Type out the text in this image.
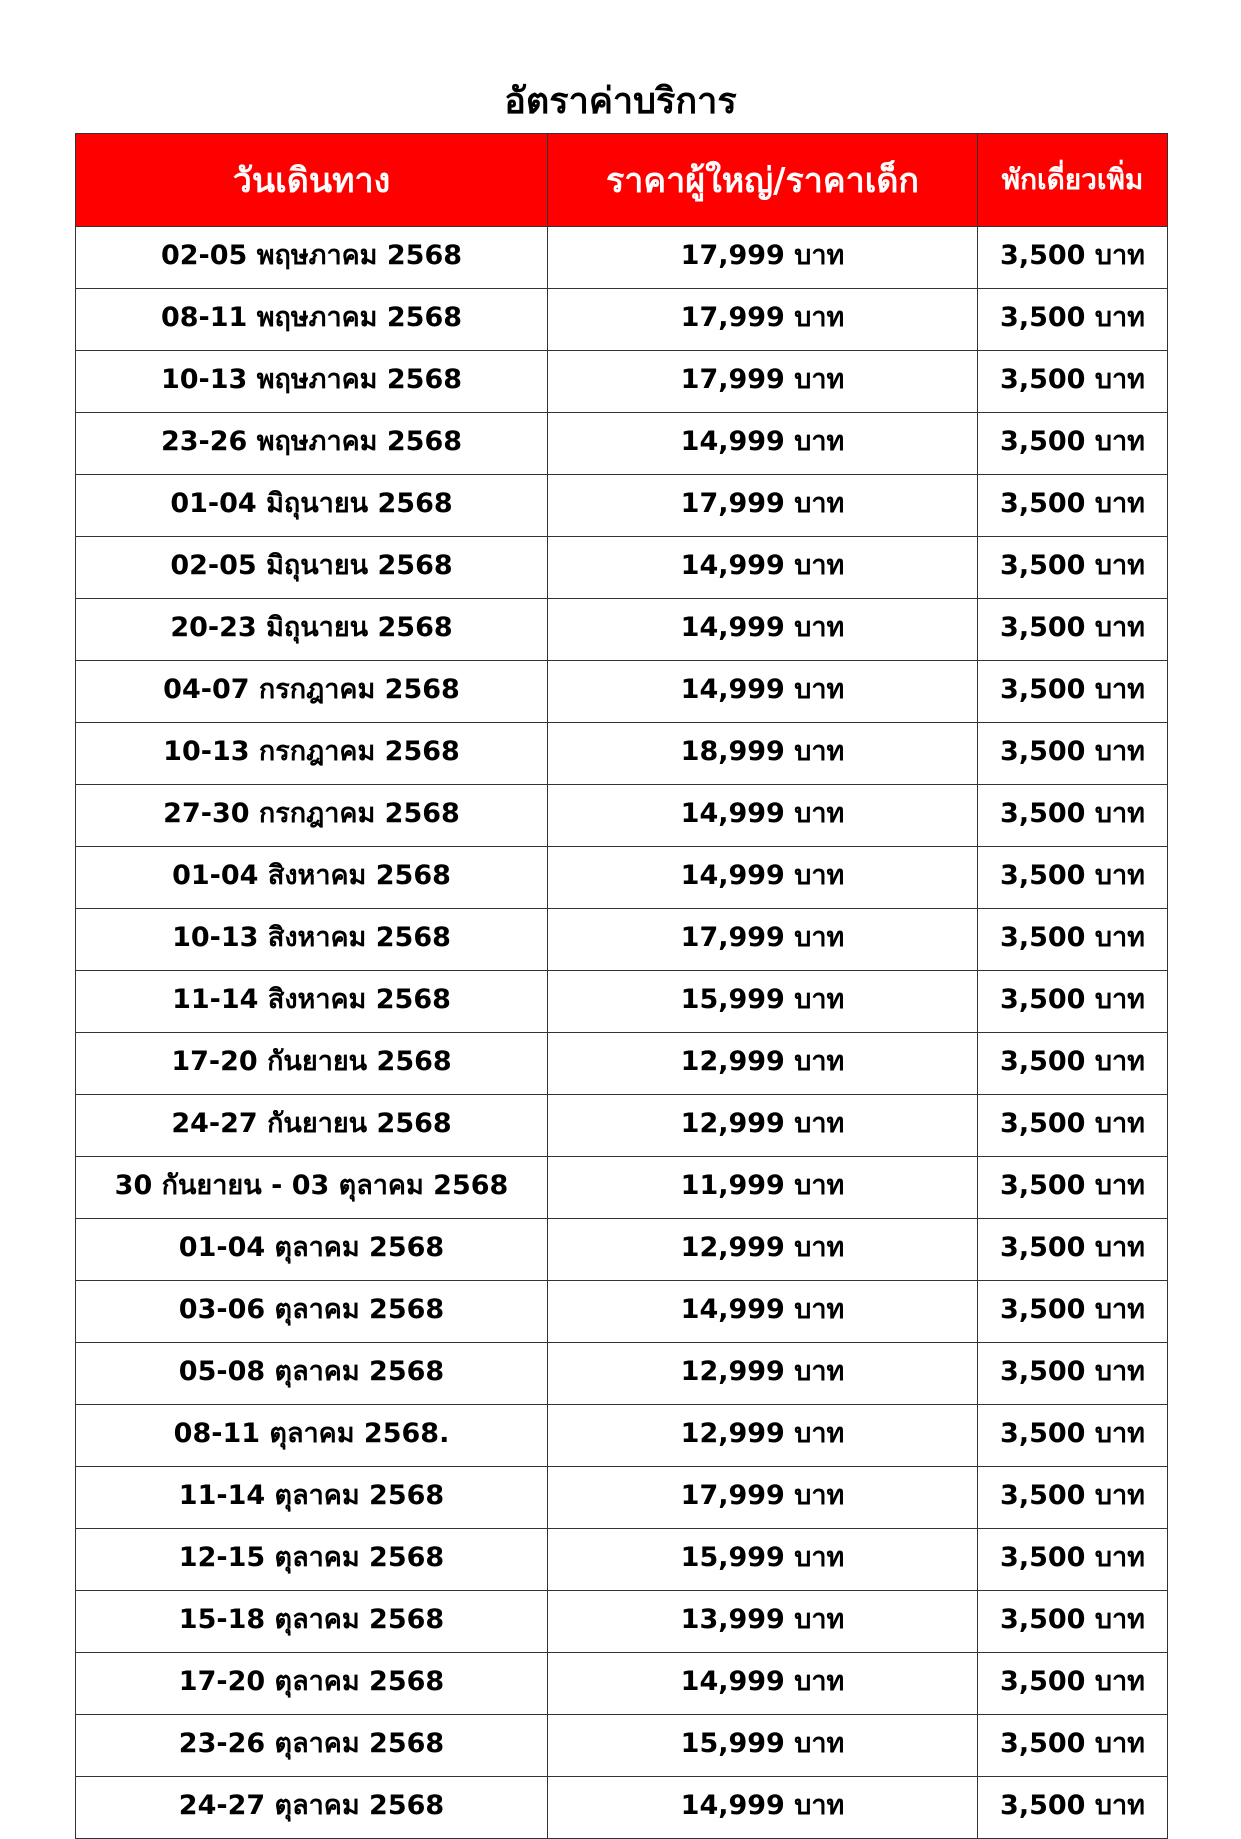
อัตราค่าบริการ
วันเดินทาง	ราคาผู้ใหญ่/ราคาเด็ก	พักเดี่ยวเพิ่ม
02-05 พฤษภาคม 2568	17,999 บาท	3,500 บาท
08-11 พฤษภาคม 2568	17,999 บาท	3,500 บาท
10-13 พฤษภาคม 2568	17,999 บาท	3,500 บาท
23-26 พฤษภาคม 2568	14,999 บาท	3,500 บาท
01-04 มิถุนายน 2568	17,999 บาท	3,500 บาท
02-05 มิถุนายน 2568	14,999 บาท	3,500 บาท
20-23 มิถุนายน 2568	14,999 บาท	3,500 บาท
04-07 กรกฎาคม 2568	14,999 บาท	3,500 บาท
10-13 กรกฎาคม 2568	18,999 บาท	3,500 บาท
27-30 กรกฎาคม 2568	14,999 บาท	3,500 บาท
01-04 สิงหาคม 2568	14,999 บาท	3,500 บาท
10-13 สิงหาคม 2568	17,999 บาท	3,500 บาท
11-14 สิงหาคม 2568	15,999 บาท	3,500 บาท
17-20 กันยายน 2568	12,999 บาท	3,500 บาท
24-27 กันยายน 2568	12,999 บาท	3,500 บาท
30 กันยายน - 03 ตุลาคม 2568	11,999 บาท	3,500 บาท
01-04 ตุลาคม 2568	12,999 บาท	3,500 บาท
03-06 ตุลาคม 2568	14,999 บาท	3,500 บาท
05-08 ตุลาคม 2568	12,999 บาท	3,500 บาท
08-11 ตุลาคม 2568.	12,999 บาท	3,500 บาท
11-14 ตุลาคม 2568	17,999 บาท	3,500 บาท
12-15 ตุลาคม 2568	15,999 บาท	3,500 บาท
15-18 ตุลาคม 2568	13,999 บาท	3,500 บาท
17-20 ตุลาคม 2568	14,999 บาท	3,500 บาท
23-26 ตุลาคม 2568	15,999 บาท	3,500 บาท
24-27 ตุลาคม 2568	14,999 บาท	3,500 บาท
